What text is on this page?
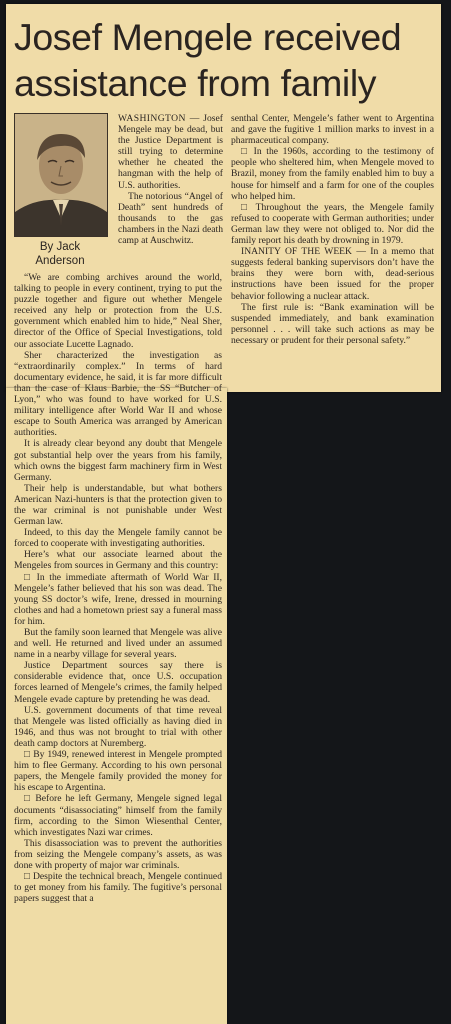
Josef Mengele received assistance from family
By Jack Anderson

WASHINGTON — Josef Mengele may be dead, but the Justice Department is still trying to determine whether he cheated the hangman with the help of U.S. authorities.

The notorious “Angel of Death” sent hundreds of thousands to the gas chambers in the Nazi death camp at Auschwitz.

“We are combing archives around the world, talking to people in every continent, trying to put the puzzle together and figure out whether Mengele received any help or protection from the U.S. government which enabled him to hide,” Neal Sher, director of the Office of Special Investigations, told our associate Lucette Lagnado.

Sher characterized the investigation as “extraordinarily complex.” In terms of hard documentary evidence, he said, it is far more difficult than the case of Klaus Barbie, the SS “Butcher of Lyon,” who was found to have worked for U.S. military intelligence after World War II and whose escape to South America was arranged by American authorities.

It is already clear beyond any doubt that Mengele got substantial help over the years from his family, which owns the biggest farm machinery firm in West Germany.

Their help is understandable, but what bothers American Nazi-hunters is that the protection given to the war criminal is not punishable under West German law.

Indeed, to this day the Mengele family cannot be forced to cooperate with investigating authorities.

Here’s what our associate learned about the Mengeles from sources in Germany and this country:

□ In the immediate aftermath of World War II, Mengele’s father believed that his son was dead. The young SS doctor’s wife, Irene, dressed in mourning clothes and had a hometown priest say a funeral mass for him.

But the family soon learned that Mengele was alive and well. He returned and lived under an assumed name in a nearby village for several years.

Justice Department sources say there is considerable evidence that, once U.S. occupation forces learned of Mengele’s crimes, the family helped Mengele evade capture by pretending he was dead.

U.S. government documents of that time reveal that Mengele was listed officially as having died in 1946, and thus was not brought to trial with other death camp doctors at Nuremberg.

□ By 1949, renewed interest in Mengele prompted him to flee Germany. According to his own personal papers, the Mengele family provided the money for his escape to Argentina.

□ Before he left Germany, Mengele signed legal documents “disassociating” himself from the family firm, according to the Simon Wiesenthal Center, which investigates Nazi war crimes.

This disassociation was to prevent the authorities from seizing the Mengele company’s assets, as was done with property of major war criminals.

□ Despite the technical breach, Mengele continued to get money from his family. The fugitive’s personal papers suggest that a

senthal Center, Mengele’s father went to Argentina and gave the fugitive 1 million marks to invest in a pharmaceutical company.

□ In the 1960s, according to the testimony of people who sheltered him, when Mengele moved to Brazil, money from the family enabled him to buy a house for himself and a farm for one of the couples who helped him.

□ Throughout the years, the Mengele family refused to cooperate with German authorities; under German law they were not obliged to. Nor did the family report his death by drowning in 1979.

INANITY OF THE WEEK — In a memo that suggests federal banking supervisors don’t have the brains they were born with, dead-serious instructions have been issued for the proper behavior following a nuclear attack.

The first rule is: “Bank examination will be suspended immediately, and bank examination personnel . . . will take such actions as may be necessary or prudent for their personal safety.”
